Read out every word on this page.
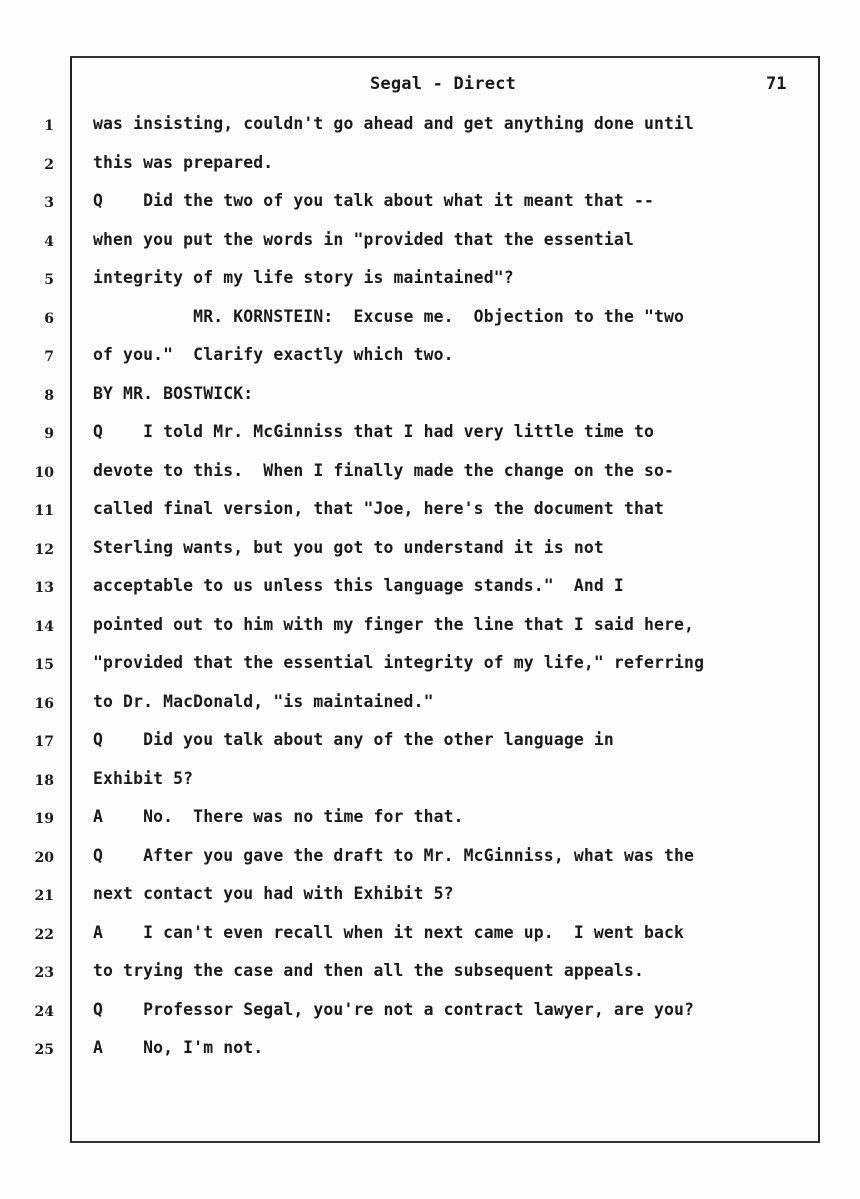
Segal - Direct	71
1 was insisting, couldn't go ahead and get anything done until
2 this was prepared.
3 Q    Did the two of you talk about what it meant that --
4 when you put the words in "provided that the essential
5 integrity of my life story is maintained"?
6 MR. KORNSTEIN:  Excuse me.  Objection to the "two
7 of you."  Clarify exactly which two.
8 BY MR. BOSTWICK:
9 Q    I told Mr. McGinniss that I had very little time to
10 devote to this.  When I finally made the change on the so-
11 called final version, that "Joe, here's the document that
12 Sterling wants, but you got to understand it is not
13 acceptable to us unless this language stands."  And I
14 pointed out to him with my finger the line that I said here,
15 "provided that the essential integrity of my life," referring
16 to Dr. MacDonald, "is maintained."
17 Q    Did you talk about any of the other language in
18 Exhibit 5?
19 A    No.  There was no time for that.
20 Q    After you gave the draft to Mr. McGinniss, what was the
21 next contact you had with Exhibit 5?
22 A    I can't even recall when it next came up.  I went back
23 to trying the case and then all the subsequent appeals.
24 Q    Professor Segal, you're not a contract lawyer, are you?
25 A    No, I'm not.
